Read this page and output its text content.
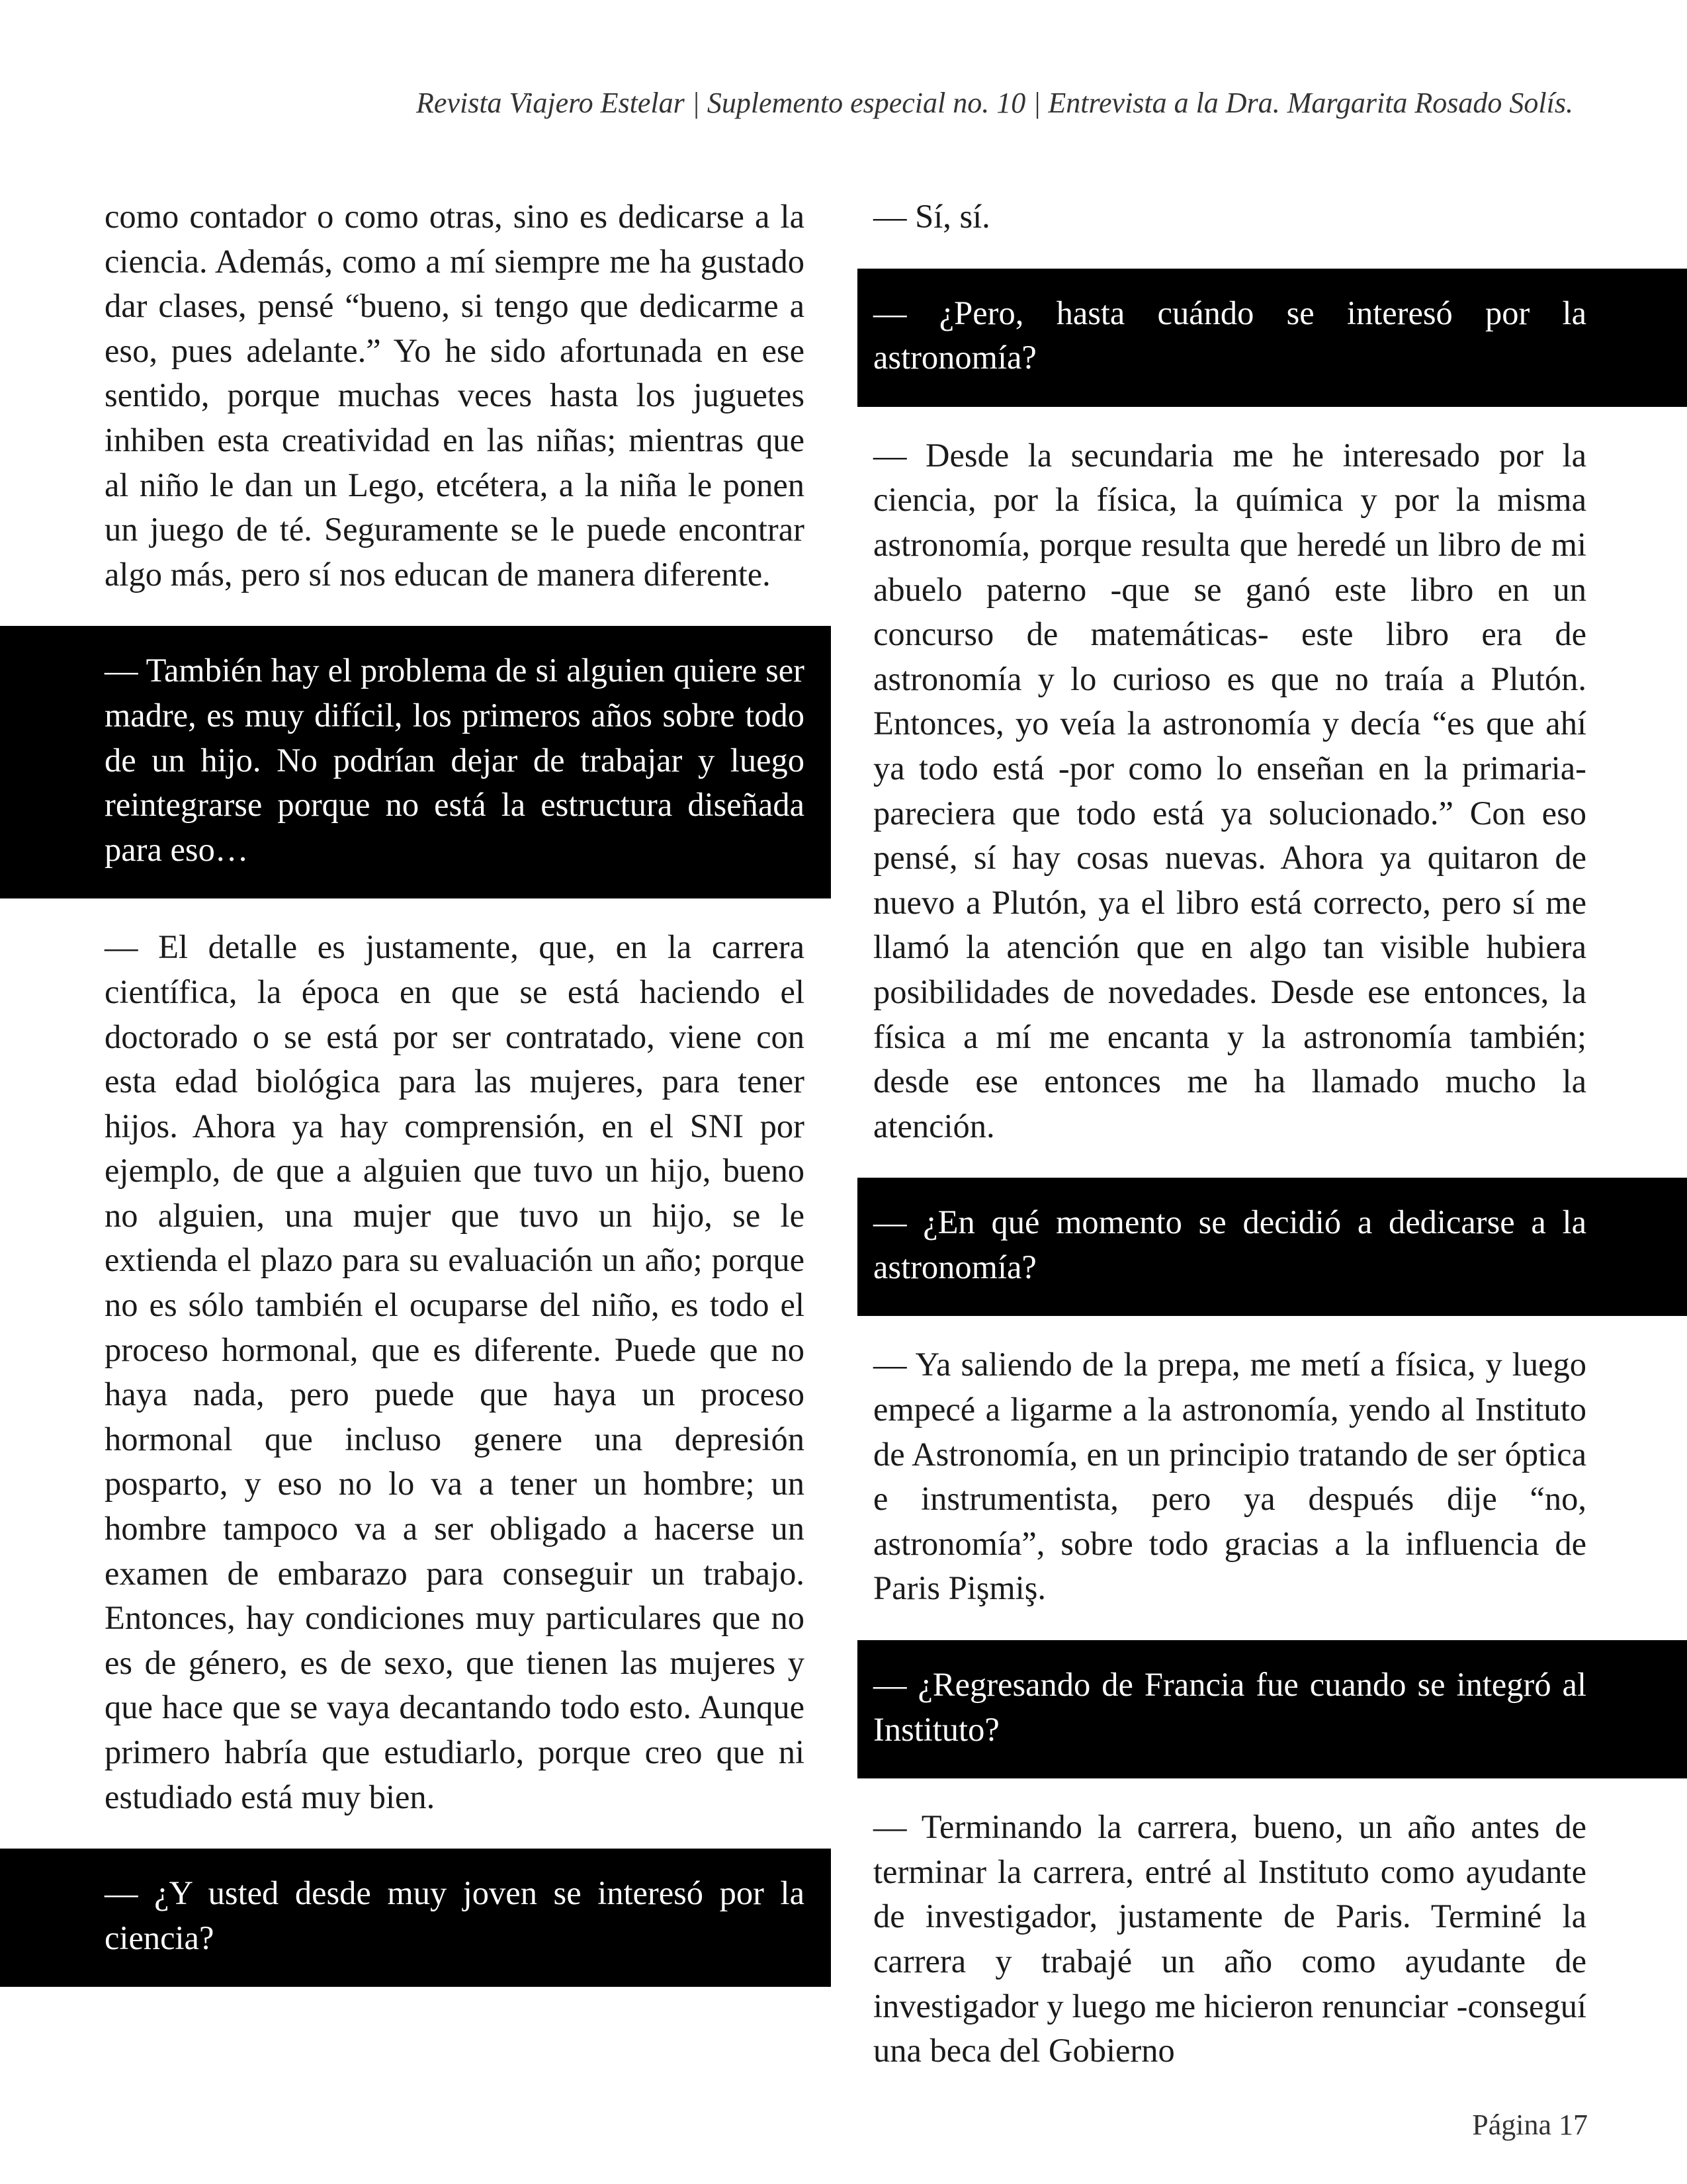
Revista Viajero Estelar | Suplemento especial no. 10 | Entrevista a la Dra. Margarita Rosado Solís.

como contador o como otras, sino es dedicarse a la ciencia. Además, como a mí siempre me ha gustado dar clases, pensé “bueno, si tengo que dedicarme a eso, pues adelante.” Yo he sido afortunada en ese sentido, porque muchas veces hasta los juguetes inhiben esta creatividad en las niñas; mientras que al niño le dan un Lego, etcétera, a la niña le ponen un juego de té. Seguramente se le puede encontrar algo más, pero sí nos educan de manera diferente.

— También hay el problema de si alguien quiere ser madre, es muy difícil, los primeros años sobre todo de un hijo. No podrían dejar de trabajar y luego reintegrarse porque no está la estructura diseñada para eso…

— El detalle es justamente, que, en la carrera científica, la época en que se está haciendo el doctorado o se está por ser contratado, viene con esta edad biológica para las mujeres, para tener hijos. Ahora ya hay comprensión, en el SNI por ejemplo, de que a alguien que tuvo un hijo, bueno no alguien, una mujer que tuvo un hijo, se le extienda el plazo para su evaluación un año; porque no es sólo también el ocuparse del niño, es todo el proceso hormonal, que es diferente. Puede que no haya nada, pero puede que haya un proceso hormonal que incluso genere una depresión posparto, y eso no lo va a tener un hombre; un hombre tampoco va a ser obligado a hacerse un examen de embarazo para conseguir un trabajo. Entonces, hay condiciones muy particulares que no es de género, es de sexo, que tienen las mujeres y que hace que se vaya decantando todo esto. Aunque primero habría que estudiarlo, porque creo que ni estudiado está muy bien.

— ¿Y usted desde muy joven se interesó por la ciencia?

— Sí, sí.

— ¿Pero, hasta cuándo se interesó por la astronomía?

— Desde la secundaria me he interesado por la ciencia, por la física, la química y por la misma astronomía, porque resulta que heredé un libro de mi abuelo paterno -que se ganó este libro en un concurso de matemáticas- este libro era de astronomía y lo curioso es que no traía a Plutón. Entonces, yo veía la astronomía y decía “es que ahí ya todo está -por como lo enseñan en la primaria- pareciera que todo está ya solucionado.” Con eso pensé, sí hay cosas nuevas. Ahora ya quitaron de nuevo a Plutón, ya el libro está correcto, pero sí me llamó la atención que en algo tan visible hubiera posibilidades de novedades. Desde ese entonces, la física a mí me encanta y la astronomía también; desde ese entonces me ha llamado mucho la atención.

— ¿En qué momento se decidió a dedicarse a la astronomía?

— Ya saliendo de la prepa, me metí a física, y luego empecé a ligarme a la astronomía, yendo al Instituto de Astronomía, en un principio tratando de ser óptica e instrumentista, pero ya después dije “no, astronomía”, sobre todo gracias a la influencia de Paris Pişmiş.

— ¿Regresando de Francia fue cuando se integró al Instituto?

— Terminando la carrera, bueno, un año antes de terminar la carrera, entré al Instituto como ayudante de investigador, justamente de Paris. Terminé la carrera y trabajé un año como ayudante de investigador y luego me hicieron renunciar -conseguí una beca del Gobierno

Página 17
